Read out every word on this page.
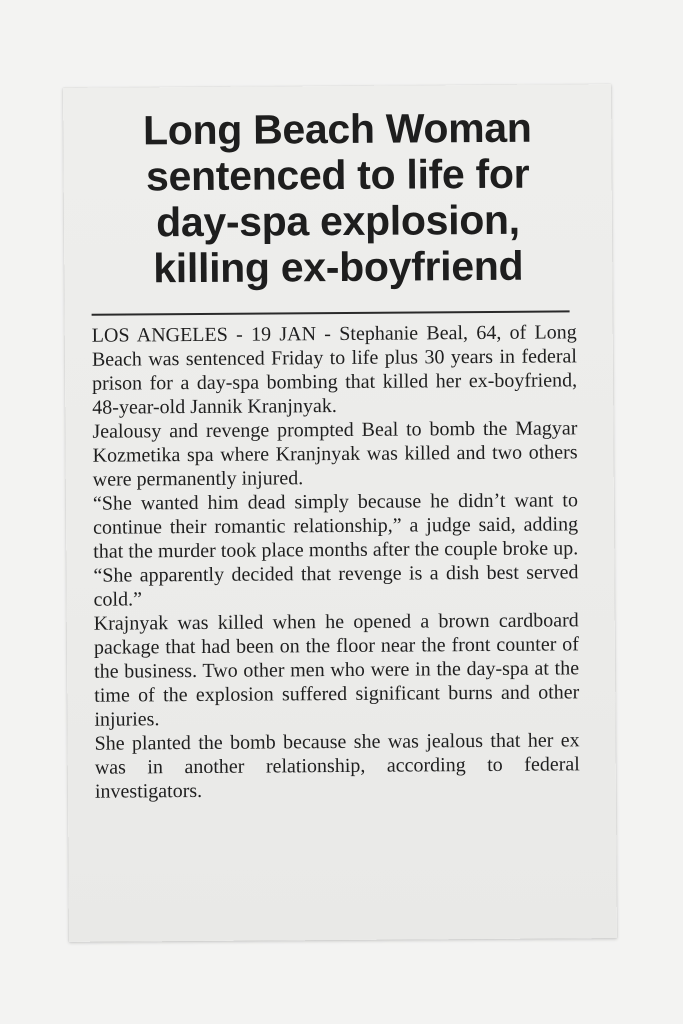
Long Beach Woman
sentenced to life for
day-spa explosion,
killing ex-boyfriend

LOS ANGELES - 19 JAN - Stephanie Beal, 64, of Long Beach was sentenced Friday to life plus 30 years in federal prison for a day-spa bombing that killed her ex-boyfriend, 48-year-old Jannik Kranjnyak.

Jealousy and revenge prompted Beal to bomb the Magyar Kozmetika spa where Kranjnyak was killed and two others were permanently injured.

“She wanted him dead simply because he didn’t want to continue their romantic relationship,” a judge said, adding that the murder took place months after the couple broke up. “She apparently decided that revenge is a dish best served cold.”

Krajnyak was killed when he opened a brown cardboard package that had been on the floor near the front counter of the business. Two other men who were in the day-spa at the time of the explosion suffered significant burns and other injuries.

She planted the bomb because she was jealous that her ex was in another relationship, according to federal investigators.
